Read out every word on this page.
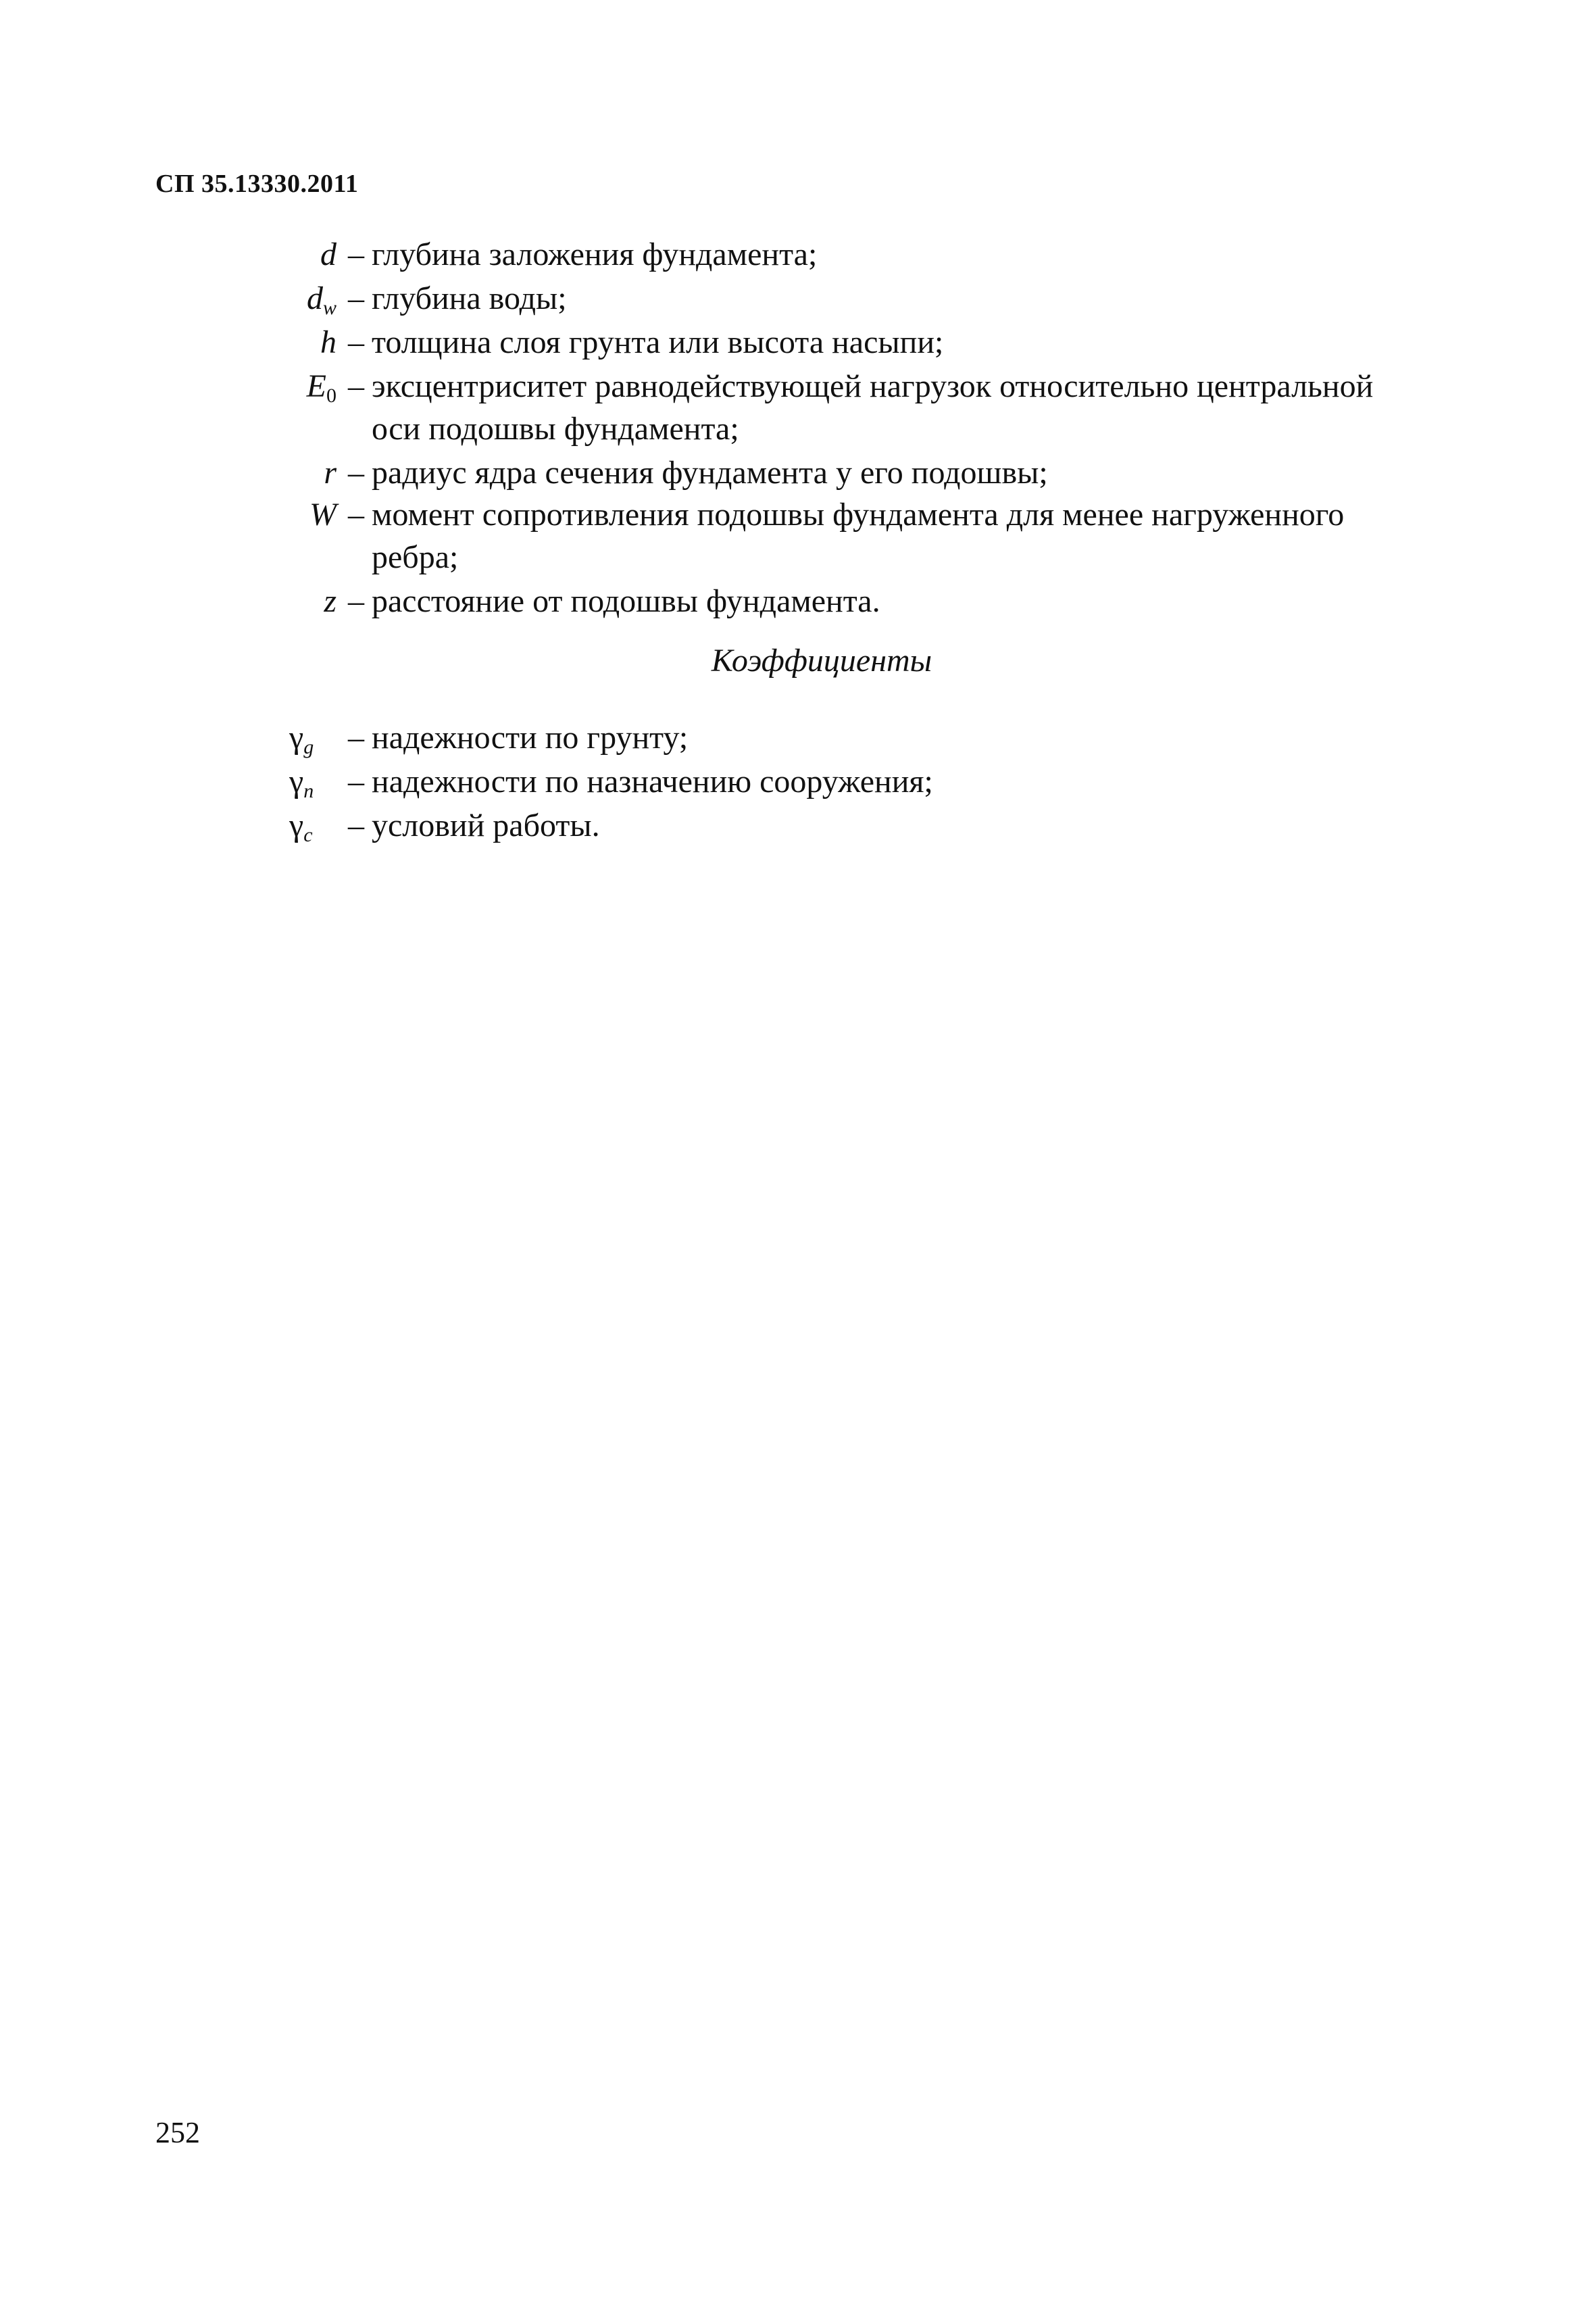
СП 35.13330.2011
d – глубина заложения фундамента;
$d_w$ – глубина воды;
h – толщина слоя грунта или высота насыпи;
$E_0$ – эксцентриситет равнодействующей нагрузок относительно центральной оси подошвы фундамента;
r – радиус ядра сечения фундамента у его подошвы;
W – момент сопротивления подошвы фундамента для менее нагруженного ребра;
z – расстояние от подошвы фундамента.
Коэффициенты
$\gamma_g$	– надежности по грунту;
$\gamma_n$	– надежности по назначению сооружения;
$\gamma_c$	– условий работы.
252
